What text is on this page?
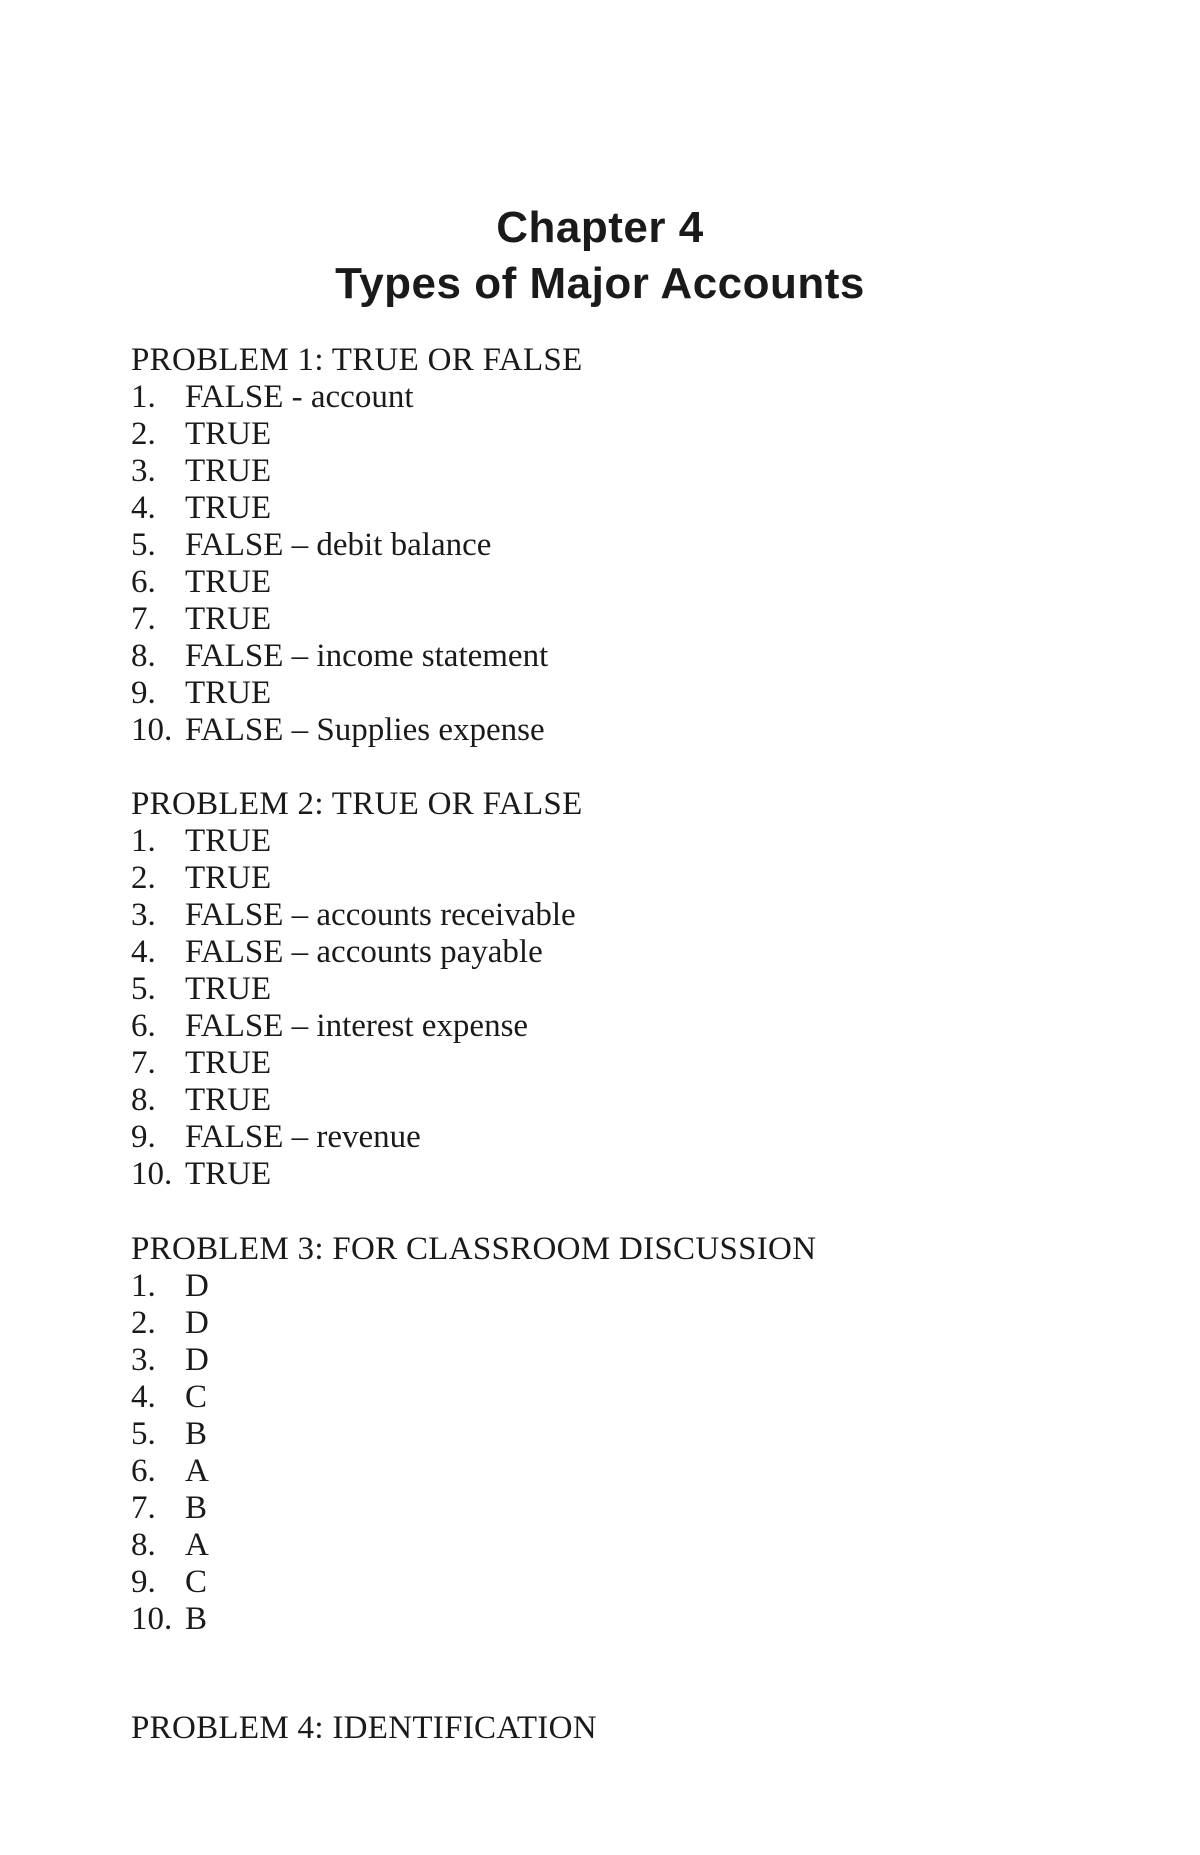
Chapter 4
Types of Major Accounts
PROBLEM 1: TRUE OR FALSE
1. FALSE - account
2. TRUE
3. TRUE
4. TRUE
5. FALSE – debit balance
6. TRUE
7. TRUE
8. FALSE – income statement
9. TRUE
10. FALSE – Supplies expense
PROBLEM 2: TRUE OR FALSE
1. TRUE
2. TRUE
3. FALSE – accounts receivable
4. FALSE – accounts payable
5. TRUE
6. FALSE – interest expense
7. TRUE
8. TRUE
9. FALSE – revenue
10. TRUE
PROBLEM 3: FOR CLASSROOM DISCUSSION
1. D
2. D
3. D
4. C
5. B
6. A
7. B
8. A
9. C
10. B
PROBLEM 4: IDENTIFICATION
